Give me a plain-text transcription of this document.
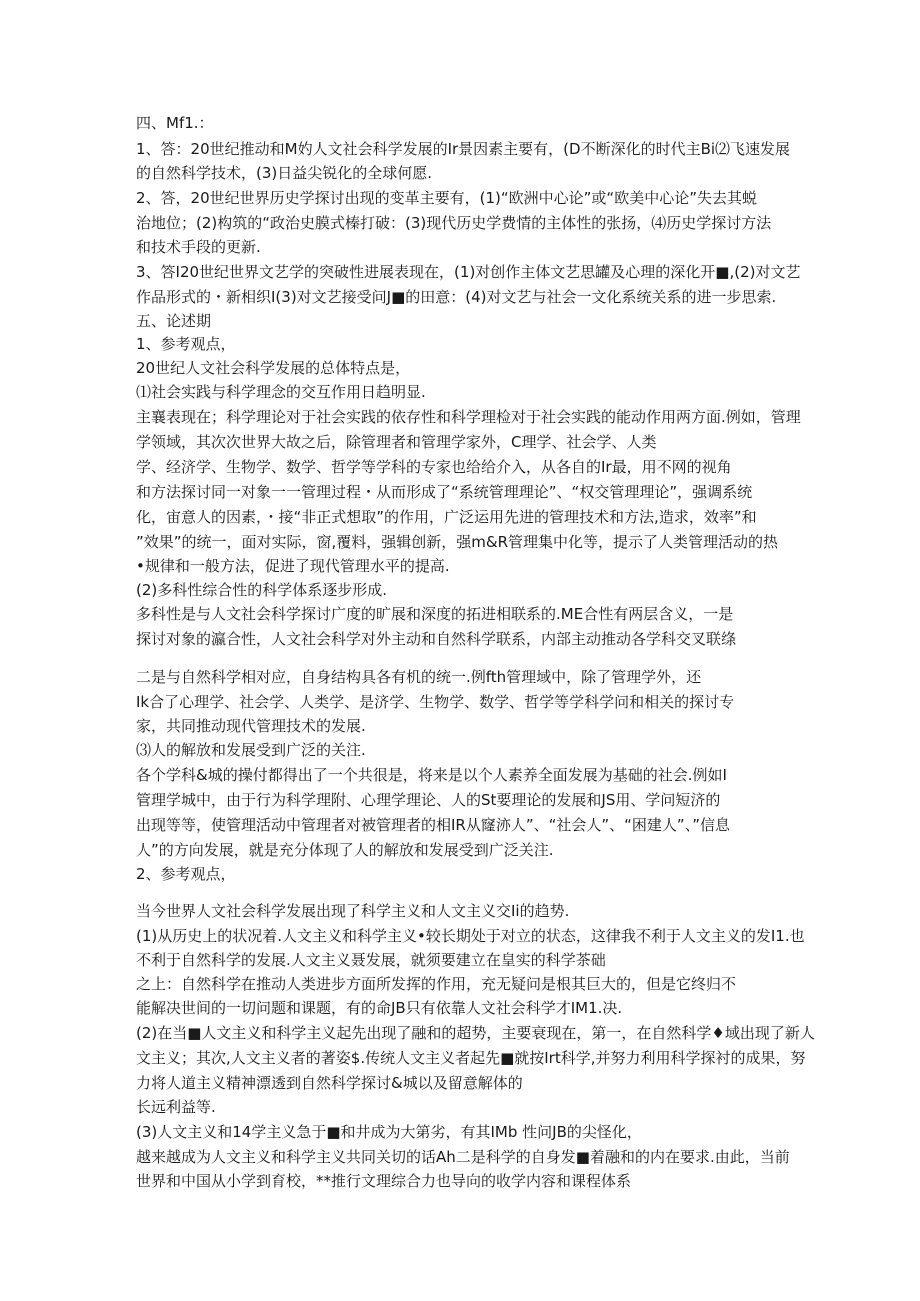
四、Mf1.：
1、答：20世纪推动和M妁人文社会科学发展的Ir景因素主要有，(D不断深化的时代主Bi⑵飞速发展
的自然科学技术，(3)日益尖锐化的全球何愿.
2、答，20世纪世界历史学探讨出现的变革主要有，(1)“欧洲中心论”或“欧美中心论”失去其蜕
治地位；(2)构筑的“政治史膜式榛打破：(3)现代历史学费情的主体性的张扬，⑷历史学探讨方法
和技术手段的更新.
3、答I20世纪世界文艺学的突破性进展表现在，(1)对创作主体文艺思罐及心理的深化开■,(2)对文艺
作品形式的・新相织I(3)对文艺接受问J■的田意：(4)对文艺与社会一文化系统关系的进一步思索.
五、论述期
1、参考观点，
20世纪人文社会科学发展的总体特点是，
⑴社会实践与科学理念的交互作用日趋明显.
主襄表现在；科学理论对于社会实践的依存性和科学理检对于社会实践的能动作用两方面.例如，管理
学领域，其次次世界大故之后，除管理者和管理学家外，C理学、社会学、人类
学、经济学、生物学、数学、哲学等学科的专家也给给介入，从各自的Ir最，用不网的视角
和方法探讨同一对象一一管理过程・从而形成了“系统管理理论”、“权交管理理论”，强调系统
化，宙意人的因素，・接“非正式想取”的作用，广泛运用先进的管理技术和方法,造求，效率”和
”效果”的统一，面对实际，窗,覆料，强辑创新，强m&R管理集中化等，提示了人类管理活动的热
•规律和一般方法，促进了现代管理水平的提高.
(2)多科性综合性的科学体系逐步形成.
多科性是与人文社会科学探讨广度的旷展和深度的拓进相联系的.ME合性有两层含义，一是
探讨对象的瀛合性，人文社会科学对外主动和自然科学联系，内部主动推动各学科交叉联绦
二是与自然科学相对应，自身结构具各有机的统一.例fth管理域中，除了管理学外，还
Ik合了心理学、社会学、人类学、是济学、生物学、数学、哲学等学科学问和相关的探讨专
家，共同推动现代管理技术的发展.
⑶人的解放和发展受到广泛的关注.
各个学科&城的操付都得出了一个共很是，将来是以个人素养全面发展为基础的社会.例如I
管理学城中，由于行为科学理附、心理学理论、人的St要理论的发展和JS用、学问短济的
出现等等，使管理活动中管理者对被管理者的相IR从窿洂人”、“社会人”、“困建人”、”信息
人”的方向发展，就是充分体现了人的解放和发展受到广泛关注.
2、参考观点，
当今世界人文社会科学发展出现了科学主义和人文主义交Ii的趋势.
(1)从历史上的状况着.人文主义和科学主义•较长期处于对立的状态，这律我不利于人文主义的发I1.也
不利于自然科学的发展.人文主义聂发展，就须要建立在皇实的科学茶础
之上：自然科学在推动人类进步方面所发挥的作用，充无疑问是根其巨大的，但是它终归不
能解决世间的一切问题和课题，有的命JB只有依靠人文社会科学才IM1.决.
(2)在当■人文主义和科学主义起先出现了融和的超势，主要衰现在，第一，在自然科学♦域出现了新人
文主义；其次,人文主义者的著姿$.传统人文主义者起先■就按Irt科学,并努力利用科学探衬的成果，努
力将人道主义精神漂透到自然科学探讨&城以及留意解体的
长远利益等.
(3)人文主义和14学主义急于■和井成为大第劣，有其IMb 性问JB的尖怪化，
越来越成为人文主义和科学主义共同关切的话Ah二是科学的自身发■着融和的内在要求.由此，当前
世界和中国从小学到育校，**推行文理综合力也导向的收学内容和课程体系
